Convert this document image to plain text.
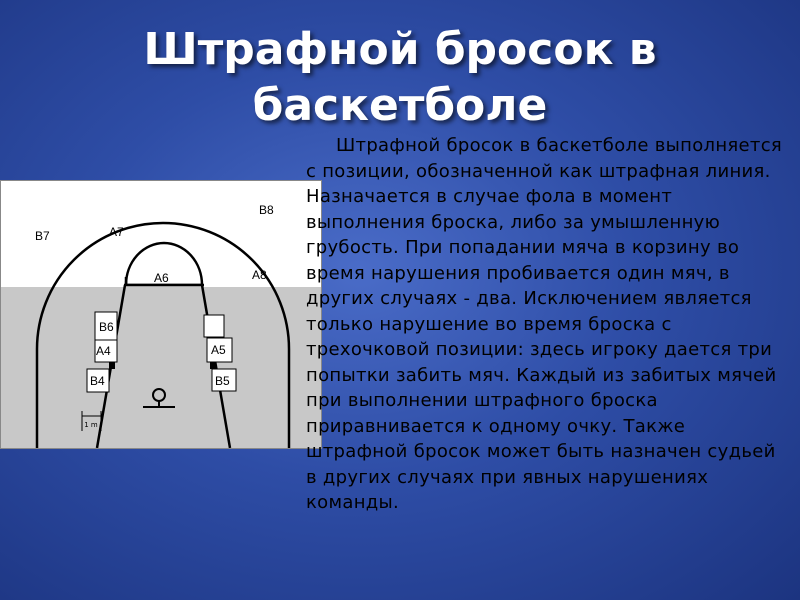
Штрафной бросок в
баскетболе
1 m
B7	A7
B8
A6	A8
B6
A4
B4
A5
B5

Штрафной бросок в баскетболе выполняется с позиции, обозначенной как штрафная линия. Назначается в случае фола в момент выполнения броска, либо за умышленную грубость. При попадании мяча в корзину во время нарушения пробивается один мяч, в других случаях - два. Исключением является только нарушение во время броска с трехочковой позиции: здесь игроку дается три попытки забить мяч. Каждый из забитых мячей при выполнении штрафного броска приравнивается к одному очку. Также штрафной бросок может быть назначен судьей в других случаях при явных нарушениях команды.
